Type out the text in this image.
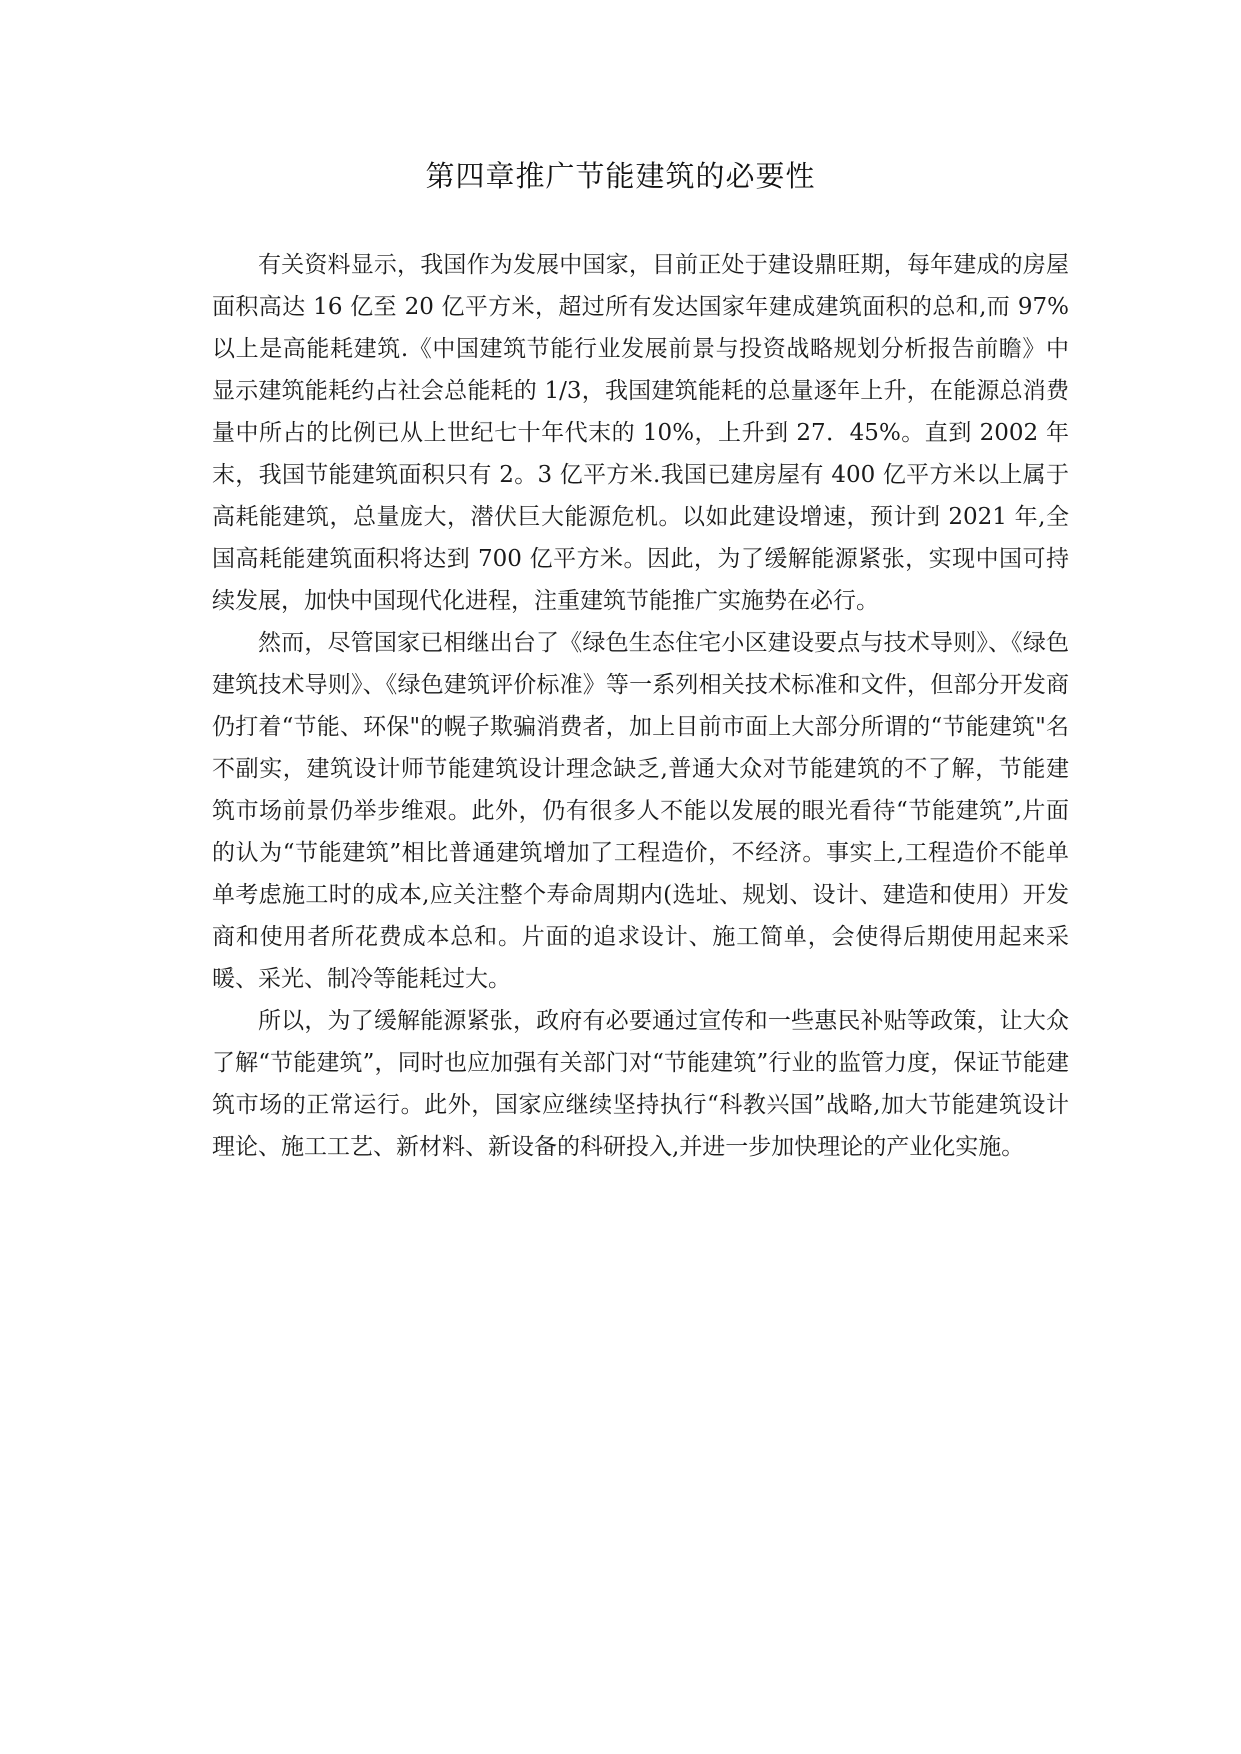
第四章推广节能建筑的必要性

有关资料显示，我国作为发展中国家，目前正处于建设鼎旺期，每年建成的房屋面积高达 16 亿至 20 亿平方米，超过所有发达国家年建成建筑面积的总和,而 97%以上是高能耗建筑.《中国建筑节能行业发展前景与投资战略规划分析报告前瞻》中显示建筑能耗约占社会总能耗的 1/3，我国建筑能耗的总量逐年上升，在能源总消费量中所占的比例已从上世纪七十年代末的 10%，上升到 27．45%。直到 2002 年末，我国节能建筑面积只有 2。3 亿平方米.我国已建房屋有 400 亿平方米以上属于高耗能建筑，总量庞大，潜伏巨大能源危机。以如此建设增速，预计到 2021 年,全国高耗能建筑面积将达到 700 亿平方米。因此，为了缓解能源紧张，实现中国可持续发展，加快中国现代化进程，注重建筑节能推广实施势在必行。

然而，尽管国家已相继出台了《绿色生态住宅小区建设要点与技术导则》、《绿色建筑技术导则》、《绿色建筑评价标准》等一系列相关技术标准和文件，但部分开发商仍打着“节能、环保"的幌子欺骗消费者，加上目前市面上大部分所谓的“节能建筑"名不副实，建筑设计师节能建筑设计理念缺乏,普通大众对节能建筑的不了解，节能建筑市场前景仍举步维艰。此外，仍有很多人不能以发展的眼光看待“节能建筑”,片面的认为“节能建筑”相比普通建筑增加了工程造价，不经济。事实上,工程造价不能单单考虑施工时的成本,应关注整个寿命周期内(选址、规划、设计、建造和使用）开发商和使用者所花费成本总和。片面的追求设计、施工简单，会使得后期使用起来采暖、采光、制冷等能耗过大。

所以，为了缓解能源紧张，政府有必要通过宣传和一些惠民补贴等政策，让大众了解“节能建筑”，同时也应加强有关部门对“节能建筑”行业的监管力度，保证节能建筑市场的正常运行。此外，国家应继续坚持执行“科教兴国”战略,加大节能建筑设计理论、施工工艺、新材料、新设备的科研投入,并进一步加快理论的产业化实施。
